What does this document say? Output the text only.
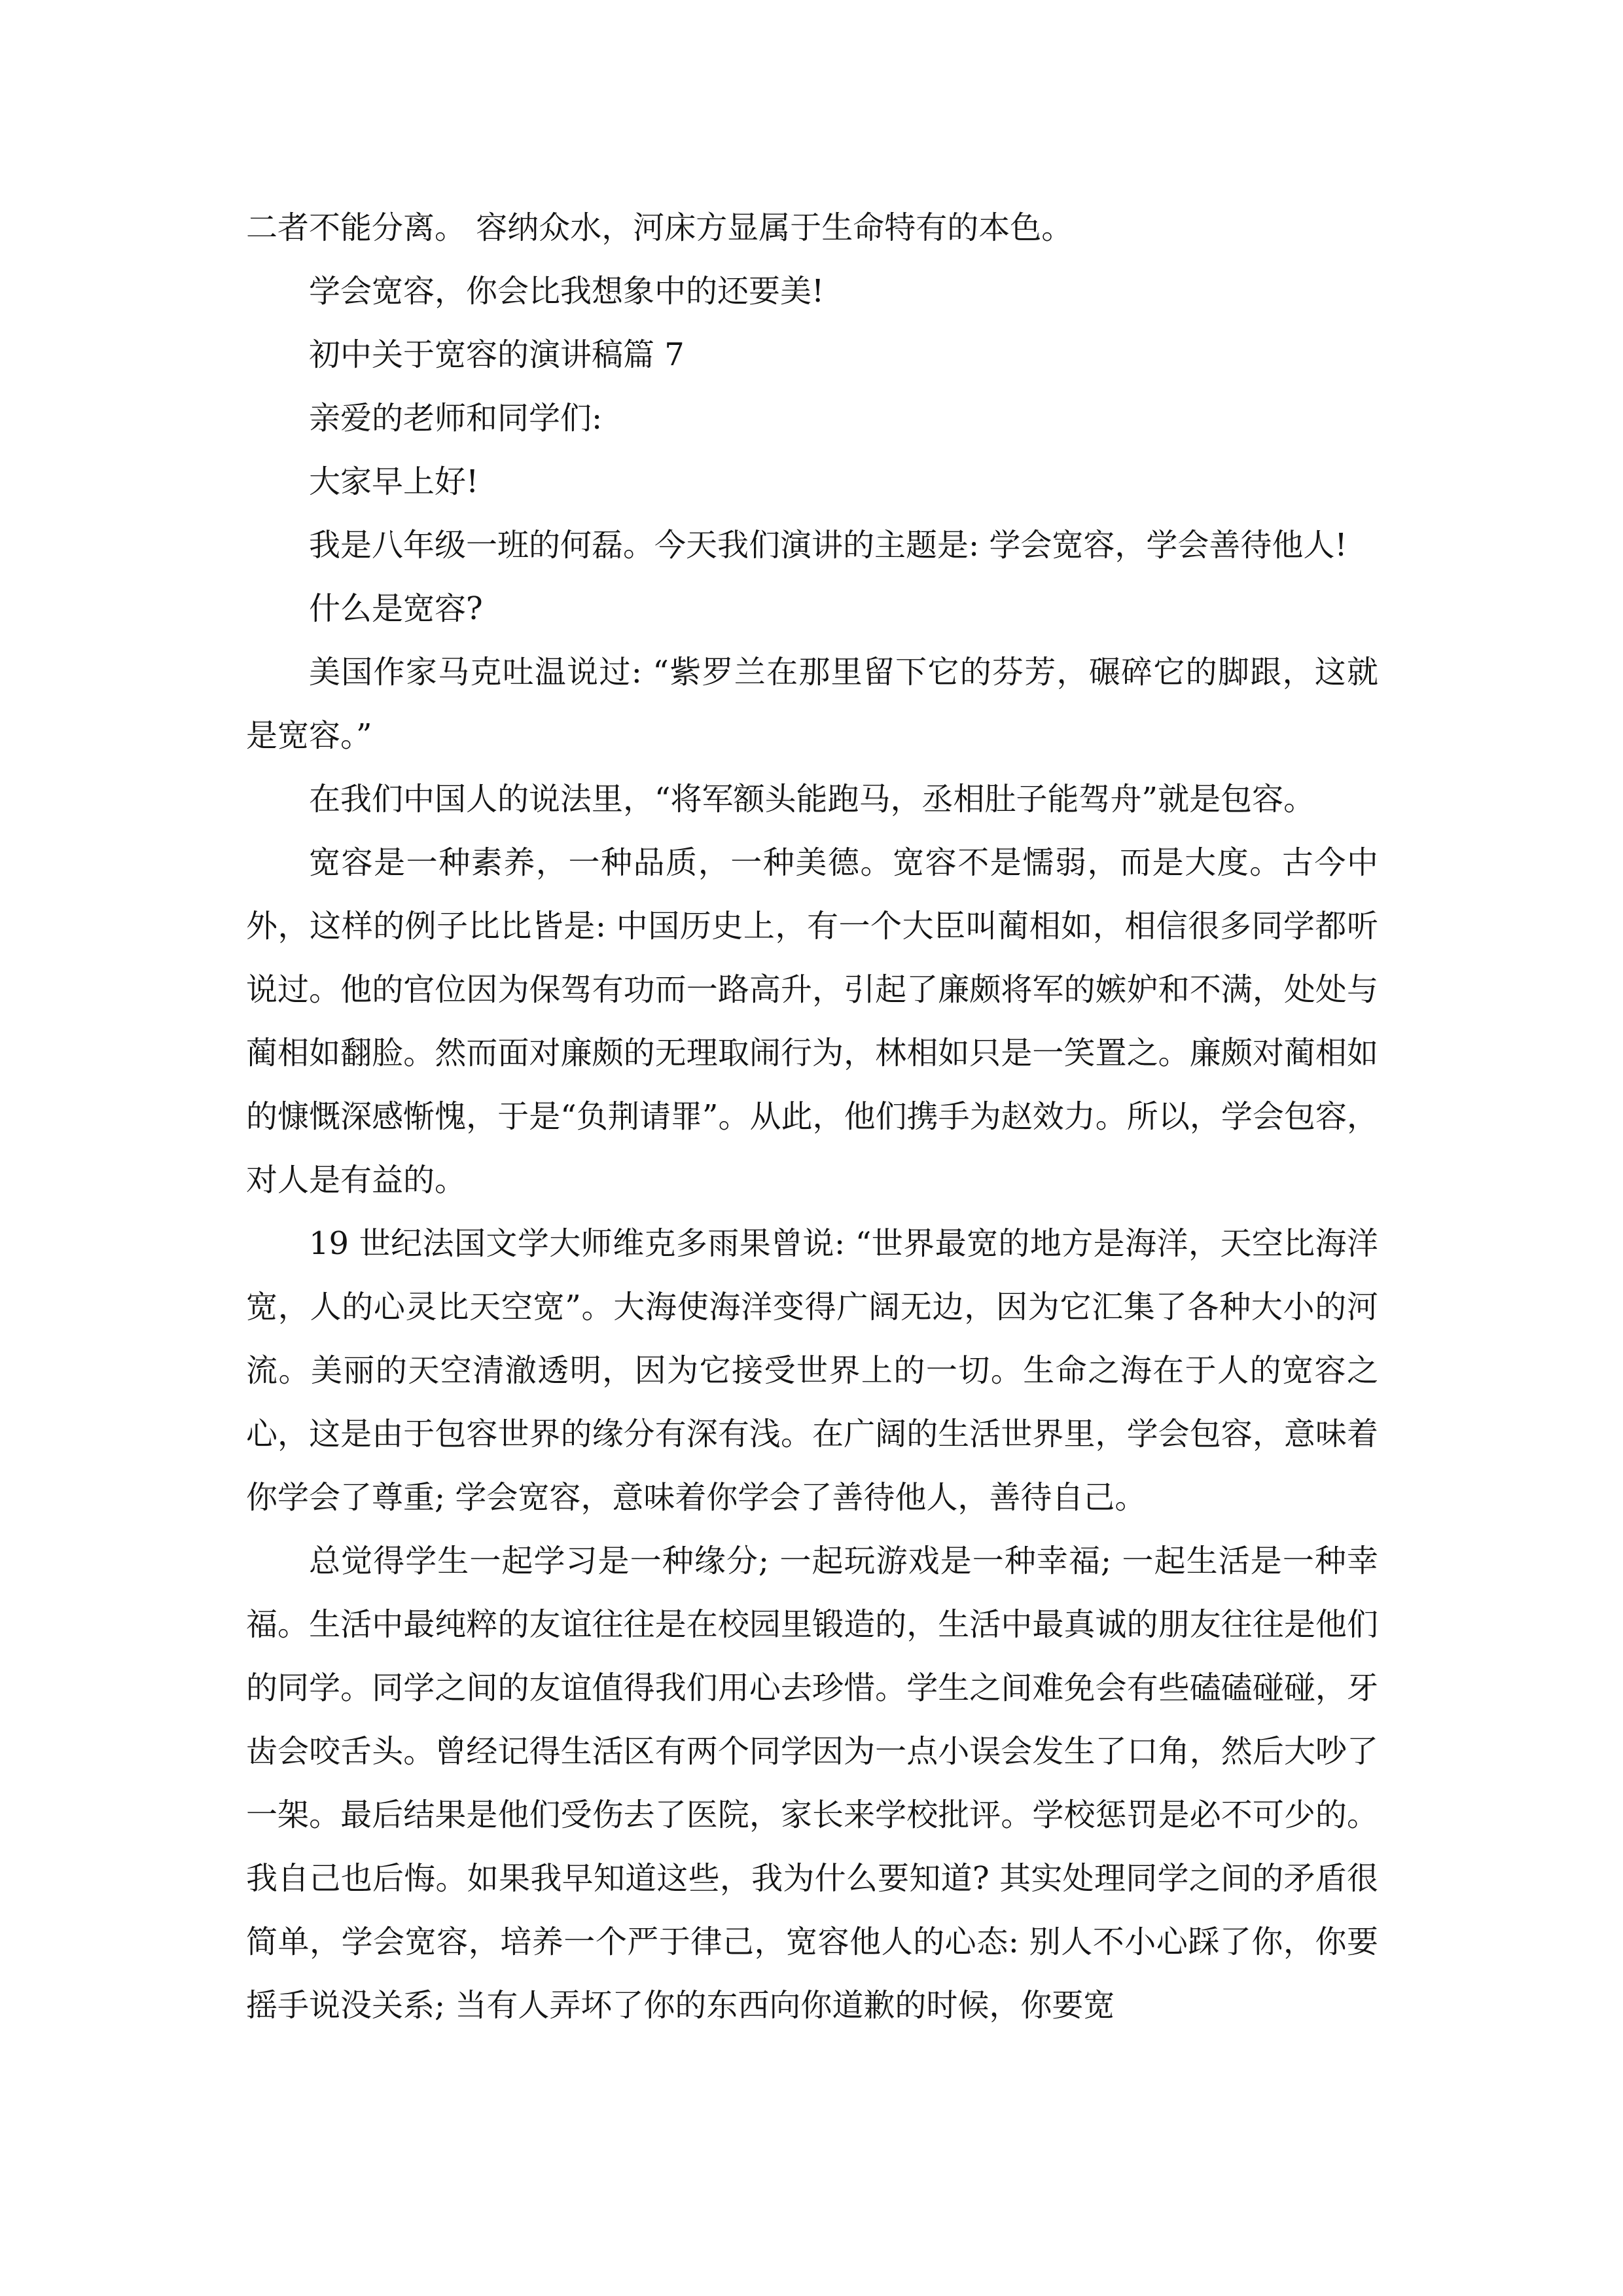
二者不能分离。 容纳众水，河床方显属于生命特有的本色。

学会宽容，你会比我想象中的还要美!

初中关于宽容的演讲稿篇 7

亲爱的老师和同学们:

大家早上好!

我是八年级一班的何磊。今天我们演讲的主题是: 学会宽容，学会善待他人!

什么是宽容?

美国作家马克吐温说过: “紫罗兰在那里留下它的芬芳，碾碎它的脚跟，这就是宽容。”

在我们中国人的说法里，“将军额头能跑马，丞相肚子能驾舟”就是包容。

宽容是一种素养，一种品质，一种美德。宽容不是懦弱，而是大度。古今中外，这样的例子比比皆是: 中国历史上，有一个大臣叫蔺相如，相信很多同学都听说过。他的官位因为保驾有功而一路高升，引起了廉颇将军的嫉妒和不满，处处与蔺相如翻脸。然而面对廉颇的无理取闹行为，林相如只是一笑置之。廉颇对蔺相如的慷慨深感惭愧，于是“负荆请罪”。从此，他们携手为赵效力。所以，学会包容，对人是有益的。

19 世纪法国文学大师维克多雨果曾说: “世界最宽的地方是海洋，天空比海洋宽，人的心灵比天空宽”。大海使海洋变得广阔无边，因为它汇集了各种大小的河流。美丽的天空清澈透明，因为它接受世界上的一切。生命之海在于人的宽容之心，这是由于包容世界的缘分有深有浅。在广阔的生活世界里，学会包容，意味着你学会了尊重; 学会宽容，意味着你学会了善待他人，善待自己。

总觉得学生一起学习是一种缘分; 一起玩游戏是一种幸福; 一起生活是一种幸福。生活中最纯粹的友谊往往是在校园里锻造的，生活中最真诚的朋友往往是他们的同学。同学之间的友谊值得我们用心去珍惜。学生之间难免会有些磕磕碰碰，牙齿会咬舌头。曾经记得生活区有两个同学因为一点小误会发生了口角，然后大吵了一架。最后结果是他们受伤去了医院，家长来学校批评。学校惩罚是必不可少的。我自己也后悔。如果我早知道这些，我为什么要知道? 其实处理同学之间的矛盾很简单，学会宽容，培养一个严于律己，宽容他人的心态: 别人不小心踩了你，你要摇手说没关系; 当有人弄坏了你的东西向你道歉的时候，你要宽
